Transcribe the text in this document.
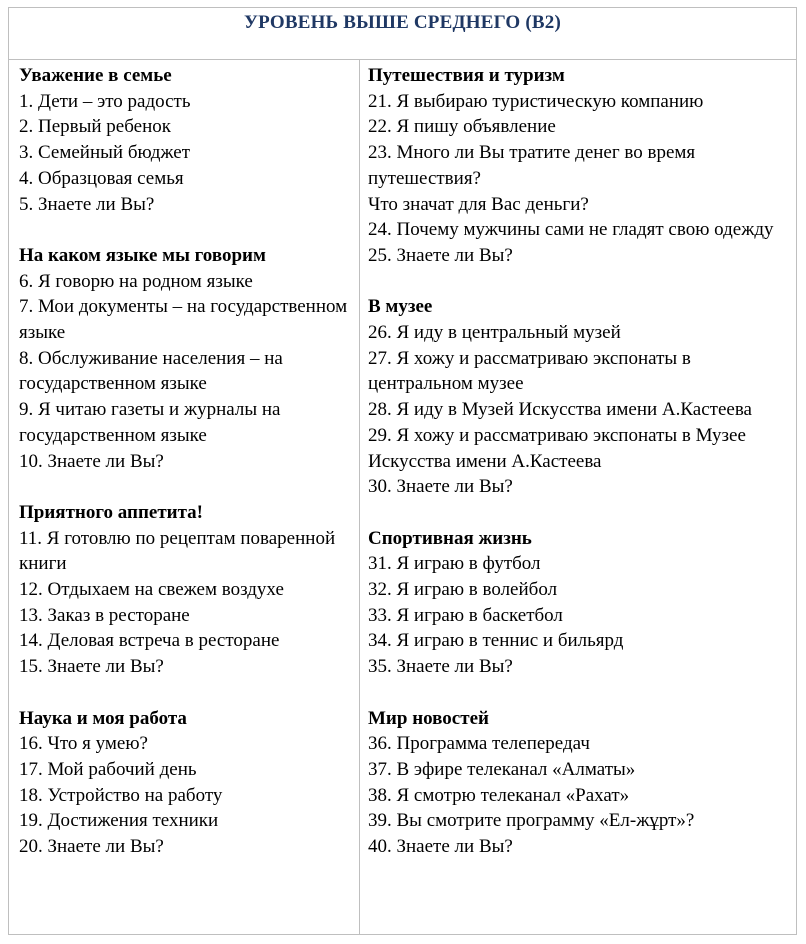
УРОВЕНЬ ВЫШЕ СРЕДНЕГО (В2)
Уважение в семье
1. Дети – это радость
2. Первый ребенок
3. Семейный бюджет
4. Образцовая семья
5. Знаете ли Вы?
На каком языке мы говорим
6. Я говорю на родном языке
7. Мои документы – на государственном языке
8. Обслуживание населения – на государственном языке
9. Я читаю газеты и журналы на государственном языке
10. Знаете ли Вы?
Приятного аппетита!
11. Я готовлю по рецептам поваренной книги
12. Отдыхаем на свежем воздухе
13. Заказ в ресторане
14. Деловая встреча в ресторане
15. Знаете ли Вы?
Наука и моя работа
16. Что я умею?
17. Мой рабочий день
18. Устройство на работу
19. Достижения техники
20. Знаете ли Вы?
Путешествия и туризм
21. Я выбираю туристическую компанию
22. Я пишу объявление
23. Много ли Вы тратите денег во время путешествия?
Что значат для Вас деньги?
24. Почему мужчины сами не гладят свою одежду
25. Знаете ли Вы?
В музее
26. Я иду в центральный музей
27. Я хожу и рассматриваю экспонаты в центральном музее
28. Я иду в Музей Искусства имени А.Кастеева
29. Я хожу и рассматриваю экспонаты в Музее Искусства имени А.Кастеева
30. Знаете ли Вы?
Спортивная жизнь
31. Я играю в футбол
32. Я играю в волейбол
33. Я играю в баскетбол
34. Я играю в теннис и бильярд
35. Знаете ли Вы?
Мир новостей
36. Программа телепередач
37. В эфире телеканал «Алматы»
38. Я смотрю телеканал «Рахат»
39. Вы смотрите программу «Ел-жұрт»?
40. Знаете ли Вы?
